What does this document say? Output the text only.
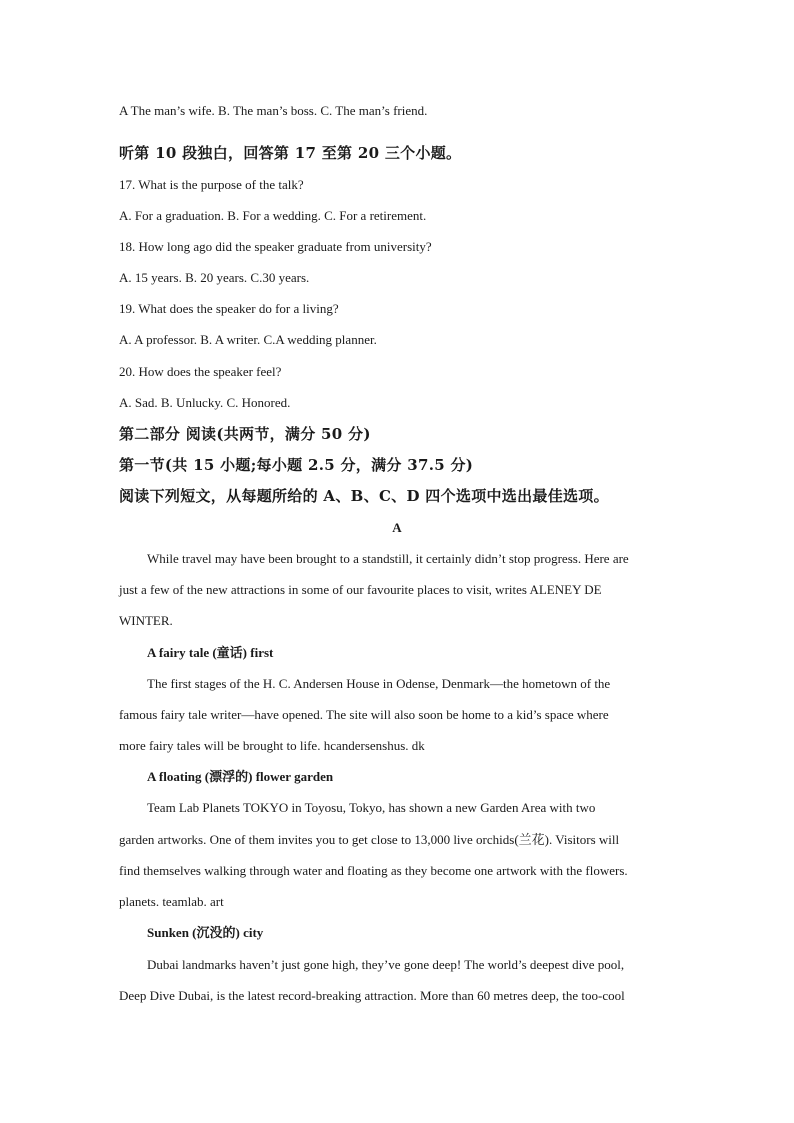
A The man’s wife. B. The man’s boss. C. The man’s friend.
听第 10 段独白，回答第 17 至第 20 三个小题。
17. What is the purpose of the talk?
A. For a graduation. B. For a wedding. C. For a retirement.
18. How long ago did the speaker graduate from university?
A. 15 years. B. 20 years. C.30 years.
19. What does the speaker do for a living?
A. A professor. B. A writer. C.A wedding planner.
20. How does the speaker feel?
A. Sad. B. Unlucky. C. Honored.
第二部分 阅读(共两节，满分 50 分)
第一节(共 15 小题;每小题 2.5 分，满分 37.5 分)
阅读下列短文，从每题所给的 A、B、C、D 四个选项中选出最佳选项。
A
While travel may have been brought to a standstill, it certainly didn’t stop progress. Here are
just a few of the new attractions in some of our favourite places to visit, writes ALENEY DE
WINTER.
A fairy tale (童话) first
The first stages of the H. C. Andersen House in Odense, Denmark—the hometown of the
famous fairy tale writer—have opened. The site will also soon be home to a kid’s space where
more fairy tales will be brought to life. hcandersenshus. dk
A floating (漂浮的) flower garden
Team Lab Planets TOKYO in Toyosu, Tokyo, has shown a new Garden Area with two
garden artworks. One of them invites you to get close to 13,000 live orchids(兰花). Visitors will
find themselves walking through water and floating as they become one artwork with the flowers.
planets. teamlab. art
Sunken (沉没的) city
Dubai landmarks haven’t just gone high, they’ve gone deep! The world’s deepest dive pool,
Deep Dive Dubai, is the latest record-breaking attraction. More than 60 metres deep, the too-cool
